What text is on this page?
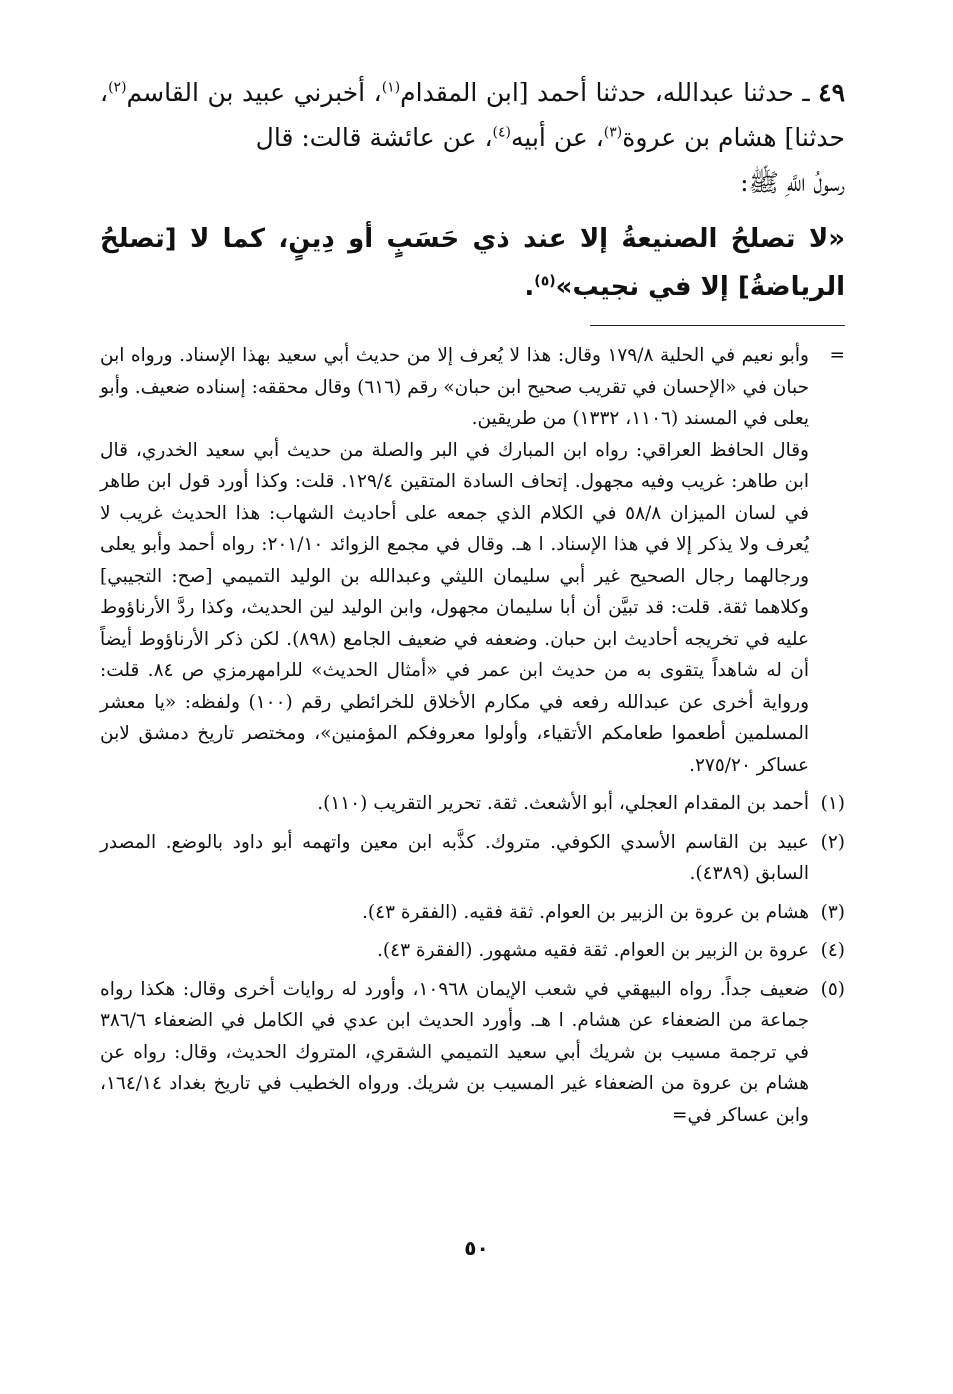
٤٩ ـ حدثنا عبدالله، حدثنا أحمد [ابن المقدام$^{(١)}$، أخبرني عبيد بن القاسم$^{(٢)}$، حدثنا] هشام بن عروة$^{(٣)}$، عن أبيه$^{(٤)}$، عن عائشة قالت: قال

رسولُ اللَّهِ ﷺ:

«لا تصلحُ الصنيعةُ إلا عند ذي حَسَبٍ أو دِينٍ، كما لا [تصلحُ الرياضةُ] إلا في نجيب»$^{(٥)}$.

=

وأبو نعيم في الحلية ١٧٩/٨ وقال: هذا لا يُعرف إلا من حديث أبي سعيد بهذا الإسناد. ورواه ابن حبان في «الإحسان في تقريب صحيح ابن حبان» رقم (٦١٦) وقال محققه: إسناده ضعيف. وأبو يعلى في المسند (١١٠٦، ١٣٣٢) من طريقين.

وقال الحافظ العراقي: رواه ابن المبارك في البر والصلة من حديث أبي سعيد الخدري، قال ابن طاهر: غريب وفيه مجهول. إتحاف السادة المتقين ١٢٩/٤. قلت: وكذا أورد قول ابن طاهر في لسان الميزان ٥٨/٨ في الكلام الذي جمعه على أحاديث الشهاب: هذا الحديث غريب لا يُعرف ولا يذكر إلا في هذا الإسناد. ا هـ. وقال في مجمع الزوائد ٢٠١/١٠: رواه أحمد وأبو يعلى ورجالهما رجال الصحيح غير أبي سليمان الليثي وعبدالله بن الوليد التميمي [صح: التجيبي] وكلاهما ثقة. قلت: قد تبيَّن أن أبا سليمان مجهول، وابن الوليد لين الحديث، وكذا ردَّ الأرناؤوط عليه في تخريجه أحاديث ابن حبان. وضعفه في ضعيف الجامع (٨٩٨). لكن ذكر الأرناؤوط أيضاً أن له شاهداً يتقوى به من حديث ابن عمر في «أمثال الحديث» للرامهرمزي ص ٨٤. قلت: ورواية أخرى عن عبدالله رفعه في مكارم الأخلاق للخرائطي رقم (١٠٠) ولفظه: «يا معشر المسلمين أطعموا طعامكم الأتقياء، وأولوا معروفكم المؤمنين»، ومختصر تاريخ دمشق لابن عساكر ٢٧٥/٢٠.

(١)

أحمد بن المقدام العجلي، أبو الأشعث. ثقة. تحرير التقريب (١١٠).

(٢)

عبيد بن القاسم الأسدي الكوفي. متروك. كذَّبه ابن معين واتهمه أبو داود بالوضع. المصدر السابق (٤٣٨٩).

(٣)

هشام بن عروة بن الزبير بن العوام. ثقة فقيه. (الفقرة ٤٣).

(٤)

عروة بن الزبير بن العوام. ثقة فقيه مشهور. (الفقرة ٤٣).

(٥)

ضعيف جداً. رواه البيهقي في شعب الإيمان ١٠٩٦٨، وأورد له روايات أخرى وقال: هكذا رواه جماعة من الضعفاء عن هشام. ا هـ. وأورد الحديث ابن عدي في الكامل في الضعفاء ٣٨٦/٦ في ترجمة مسيب بن شريك أبي سعيد التميمي الشقري، المتروك الحديث، وقال: رواه عن هشام بن عروة من الضعفاء غير المسيب بن شريك. ورواه الخطيب في تاريخ بغداد ١٦٤/١٤، وابن عساكر في=

٥٠
